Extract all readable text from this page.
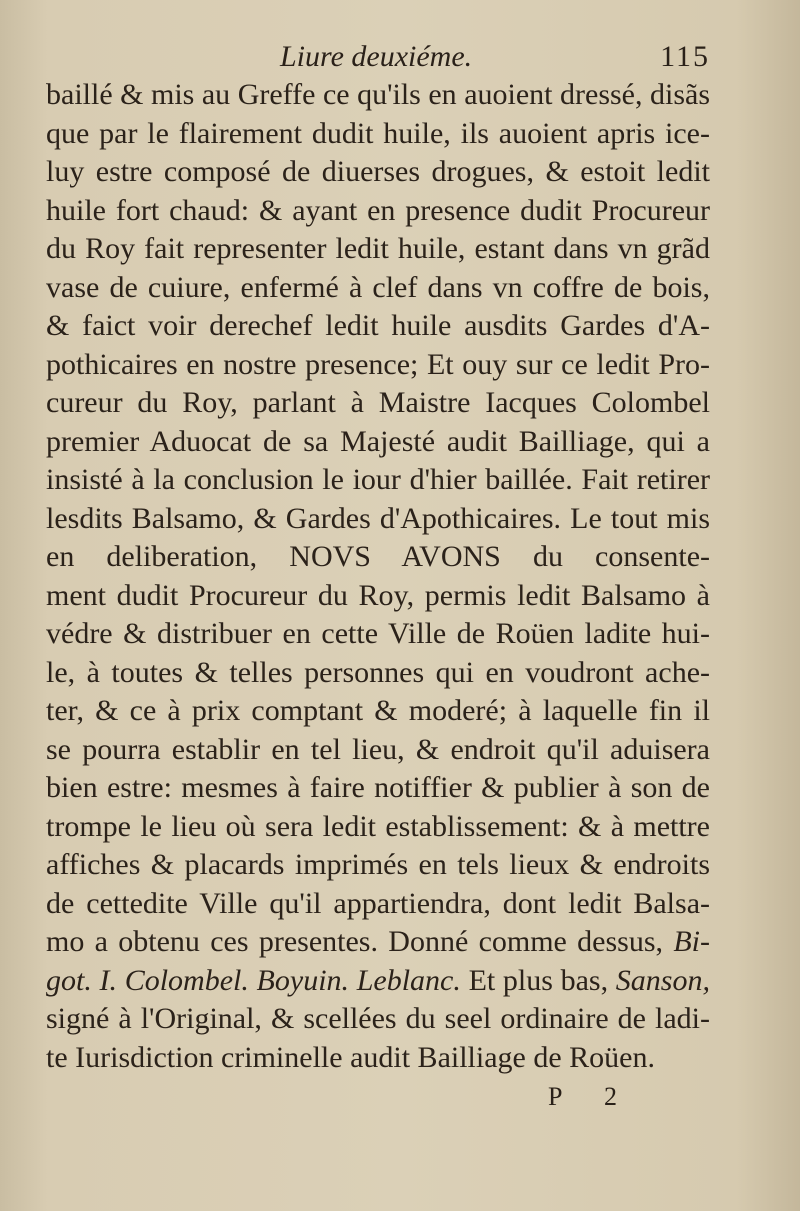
Liure deuxiéme.	115
baillé & mis au Greffe ce qu'ils en auoient dressé, disãs
que par le flairement dudit huile, ils auoient apris ice-
luy estre composé de diuerses drogues, & estoit ledit
huile fort chaud: & ayant en presence dudit Procureur
du Roy fait representer ledit huile, estant dans vn grãd
vase de cuiure, enfermé à clef dans vn coffre de bois,
& faict voir derechef ledit huile ausdits Gardes d'A-
pothicaires en nostre presence; Et ouy sur ce ledit Pro-
cureur du Roy, parlant à Maistre Iacques Colombel
premier Aduocat de sa Majesté audit Bailliage, qui a
insisté à la conclusion le iour d'hier baillée. Fait retirer
lesdits Balsamo, & Gardes d'Apothicaires. Le tout mis
en deliberation, NOVS AVONS du consente-
ment dudit Procureur du Roy, permis ledit Balsamo à
védre & distribuer en cette Ville de Roüen ladite hui-
le, à toutes & telles personnes qui en voudront ache-
ter, & ce à prix comptant & moderé; à laquelle fin il
se pourra establir en tel lieu, & endroit qu'il aduisera
bien estre: mesmes à faire notiffier & publier à son de
trompe le lieu où sera ledit establissement: & à mettre
affiches & placards imprimés en tels lieux & endroits
de cettedite Ville qu'il appartiendra, dont ledit Balsa-
mo a obtenu ces presentes. Donné comme dessus, Bi-
got. I. Colombel. Boyuin. Leblanc. Et plus bas, Sanson,
signé à l'Original, & scellées du seel ordinaire de ladi-
te Iurisdiction criminelle audit Bailliage de Roüen.
P 2
